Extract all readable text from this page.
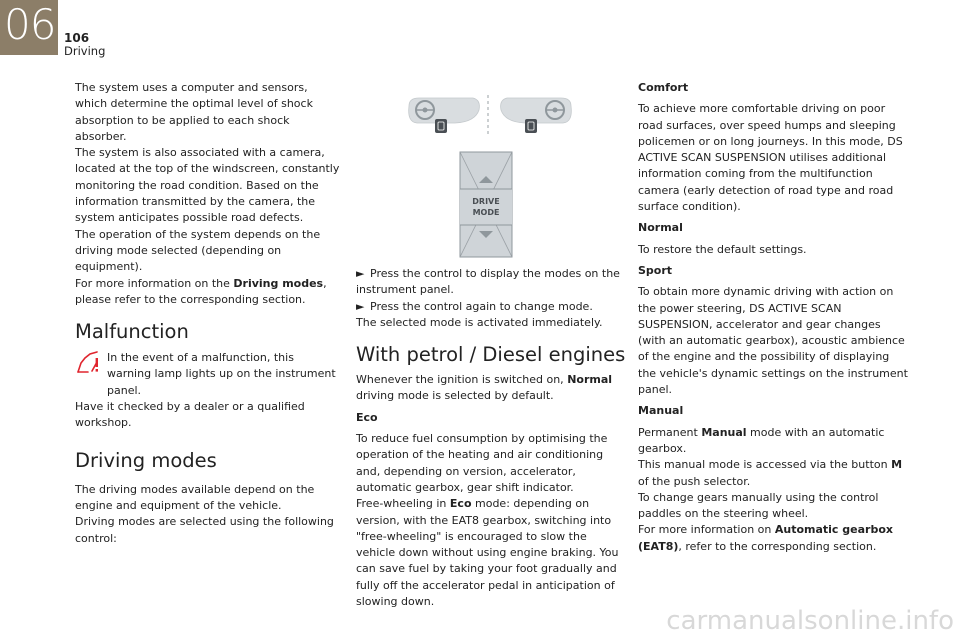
06 106
Driving

The system uses a computer and sensors, which determine the optimal level of shock absorption to be applied to each shock absorber.

The system is also associated with a camera, located at the top of the windscreen, constantly monitoring the road condition. Based on the information transmitted by the camera, the system anticipates possible road defects.

The operation of the system depends on the driving mode selected (depending on equipment).

For more information on the Driving modes, please refer to the corresponding section.

Malfunction

In the event of a malfunction, this warning lamp lights up on the instrument panel.

Have it checked by a dealer or a qualified workshop.

Driving modes

The driving modes available depend on the engine and equipment of the vehicle.

Driving modes are selected using the following control:

DRIVE
MODE

► Press the control to display the modes on the instrument panel.

► Press the control again to change mode.

The selected mode is activated immediately.

With petrol / Diesel engines

Whenever the ignition is switched on, Normal driving mode is selected by default.

Eco

To reduce fuel consumption by optimising the operation of the heating and air conditioning and, depending on version, accelerator, automatic gearbox, gear shift indicator.

Free-wheeling in Eco mode: depending on version, with the EAT8 gearbox, switching into "free-wheeling" is encouraged to slow the vehicle down without using engine braking. You can save fuel by taking your foot gradually and fully off the accelerator pedal in anticipation of slowing down.

Comfort

To achieve more comfortable driving on poor road surfaces, over speed humps and sleeping policemen or on long journeys. In this mode, DS ACTIVE SCAN SUSPENSION utilises additional information coming from the multifunction camera (early detection of road type and road surface condition).

Normal

To restore the default settings.

Sport

To obtain more dynamic driving with action on the power steering, DS ACTIVE SCAN SUSPENSION, accelerator and gear changes (with an automatic gearbox), acoustic ambience of the engine and the possibility of displaying the vehicle's dynamic settings on the instrument panel.

Manual

Permanent Manual mode with an automatic gearbox.

This manual mode is accessed via the button M of the push selector.

To change gears manually using the control paddles on the steering wheel.

For more information on Automatic gearbox (EAT8), refer to the corresponding section.

carmanualsonline.info
